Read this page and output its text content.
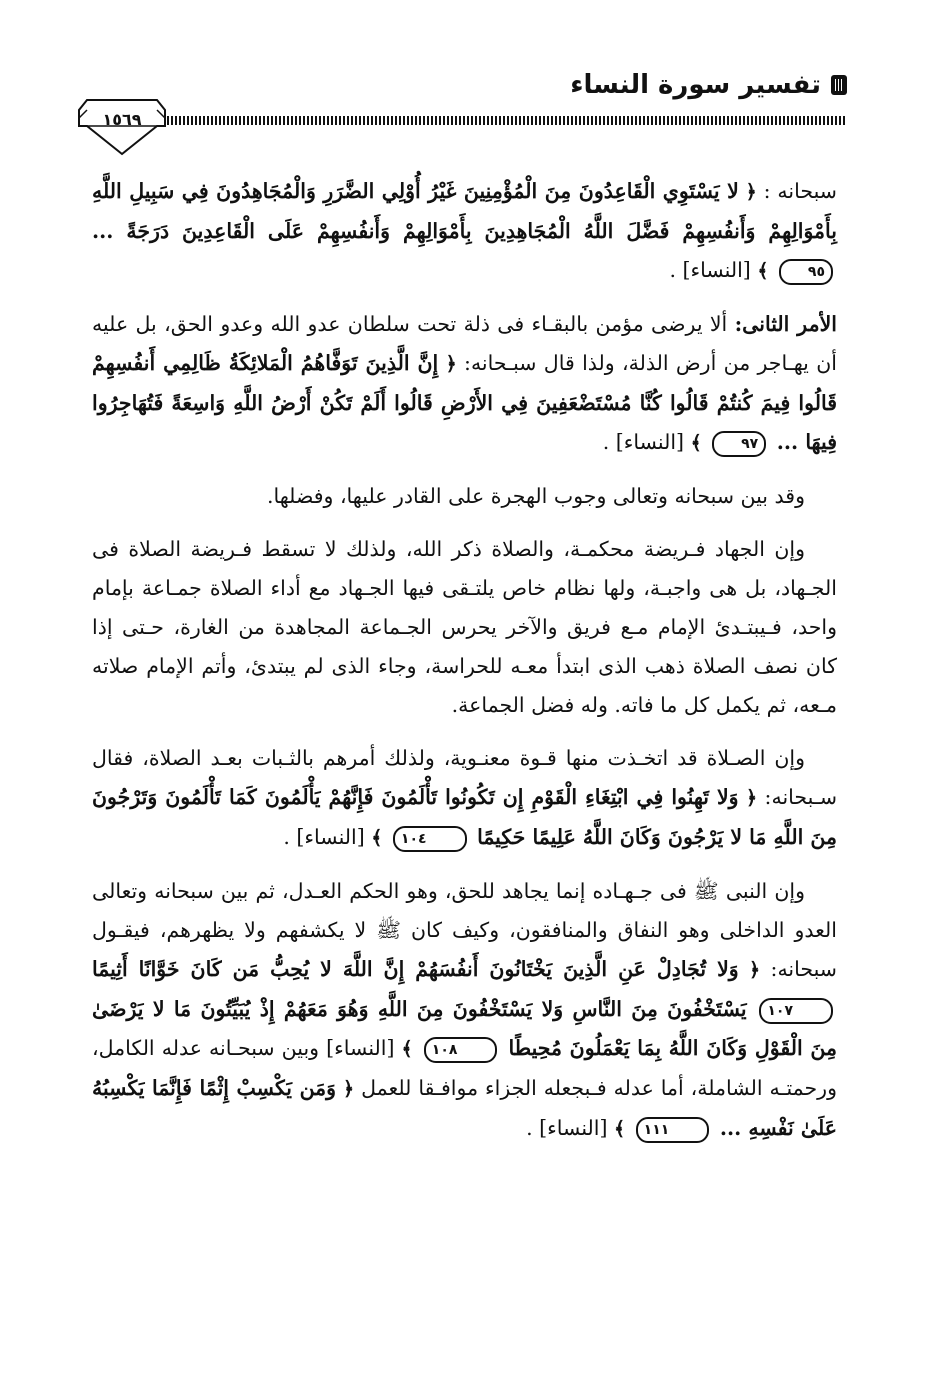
تفسير سورة النساء
١٥٦٩

سبحانه : ﴿ لا يَسْتَوِي الْقَاعِدُونَ مِنَ الْمُؤْمِنِينَ غَيْرُ أُوْلِي الضَّرَرِ وَالْمُجَاهِدُونَ فِي سَبِيلِ اللَّهِ بِأَمْوَالِهِمْ وَأَنفُسِهِمْ فَضَّلَ اللَّهُ الْمُجَاهِدِينَ بِأَمْوَالِهِمْ وَأَنفُسِهِمْ عَلَى الْقَاعِدِينَ دَرَجَةً ... ٩٥ ﴾ [النساء] .

الأمر الثانى: ألا يرضى مؤمن بالبقـاء فى ذلة تحت سلطان عدو الله وعدو الحق، بل عليه أن يهـاجر من أرض الذلة، ولذا قال سبـحانه: ﴿ إِنَّ الَّذِينَ تَوَفَّاهُمُ الْمَلائِكَةُ ظَالِمِي أَنفُسِهِمْ قَالُوا فِيمَ كُنتُمْ قَالُوا كُنَّا مُسْتَضْعَفِينَ فِي الأَرْضِ قَالُوا أَلَمْ تَكُنْ أَرْضُ اللَّهِ وَاسِعَةً فَتُهَاجِرُوا فِيهَا ... ٩٧ ﴾ [النساء] .

وقد بين سبحانه وتعالى وجوب الهجرة على القادر عليها، وفضلها.

وإن الجهاد فـريضة محكمـة، والصلاة ذكر الله، ولذلك لا تسقط فـريضة الصلاة فى الجـهاد، بل هى واجبـة، ولها نظام خاص يلتـقى فيها الجـهاد مع أداء الصلاة جمـاعة بإمام واحد، فـيبتـدئ الإمام مـع فريق والآخر يحرس الجـماعة المجاهدة من الغارة، حـتى إذا كان نصف الصلاة ذهب الذى ابتدأ معـه للحراسة، وجاء الذى لم يبتدئ، وأتم الإمام صلاته مـعه، ثم يكمل كل ما فاته. وله فضل الجماعة.

وإن الصـلاة قد اتخـذت منها قـوة معنـوية، ولذلك أمرهم بالثـبات بعـد الصلاة، فقال سـبحانه: ﴿ وَلا تَهِنُوا فِي ابْتِغَاءِ الْقَوْمِ إِن تَكُونُوا تَأْلَمُونَ فَإِنَّهُمْ يَأْلَمُونَ كَمَا تَأْلَمُونَ وَتَرْجُونَ مِنَ اللَّهِ مَا لا يَرْجُونَ وَكَانَ اللَّهُ عَلِيمًا حَكِيمًا ١٠٤ ﴾ [النساء] .

وإن النبى ﷺ فى جـهـاده إنما يجاهد للحق، وهو الحكم العـدل، ثم بين سبحانه وتعالى العدو الداخلى وهو النفاق والمنافقون، وكيف كان ﷺ لا يكشفهم ولا يظهرهم، فيقـول سبحانه: ﴿ وَلا تُجَادِلْ عَنِ الَّذِينَ يَخْتَانُونَ أَنفُسَهُمْ إِنَّ اللَّهَ لا يُحِبُّ مَن كَانَ خَوَّانًا أَثِيمًا ١٠٧ يَسْتَخْفُونَ مِنَ النَّاسِ وَلا يَسْتَخْفُونَ مِنَ اللَّهِ وَهُوَ مَعَهُمْ إِذْ يُبَيِّتُونَ مَا لا يَرْضَىٰ مِنَ الْقَوْلِ وَكَانَ اللَّهُ بِمَا يَعْمَلُونَ مُحِيطًا ١٠٨ ﴾ [النساء] وبين سبحـانه عدله الكامل، ورحمتـه الشاملة، أما عدله فـبجعله الجزاء موافـقا للعمل ﴿ وَمَن يَكْسِبْ إِثْمًا فَإِنَّمَا يَكْسِبُهُ عَلَىٰ نَفْسِهِ ... ١١١ ﴾ [النساء] .
